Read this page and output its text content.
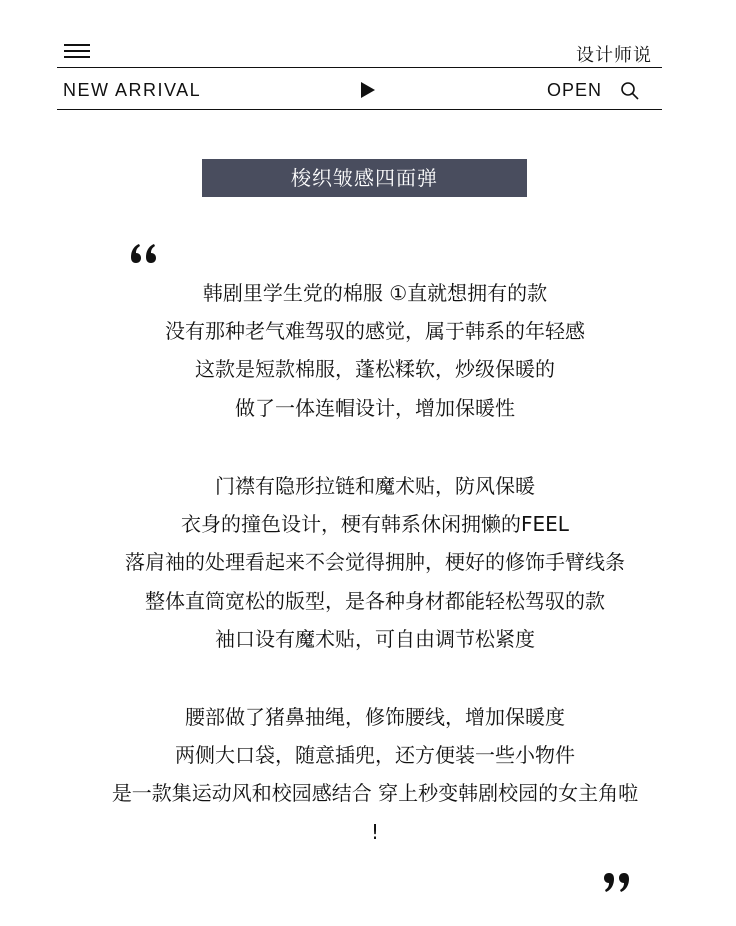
设计师说
NEW ARRIVAL	OPEN
梭织皱感四面弹
韩剧里学生党的棉服 ①直就想拥有的款
没有那种老气难驾驭的感觉，属于韩系的年轻感
这款是短款棉服，蓬松糅软，炒级保暖的
做了一体连帽设计，增加保暖性
门襟有隐形拉链和魔术贴，防风保暖
衣身的撞色设计，梗有韩系休闲拥懒的FEEL
落肩袖的处理看起来不会觉得拥肿，梗好的修饰手臂线条
整体直筒宽松的版型，是各种身材都能轻松驾驭的款
袖口设有魔术贴，可自由调节松紧度
腰部做了猪鼻抽绳，修饰腰线，增加保暖度
两侧大口袋，随意插兜，还方便装一些小物件
是一款集运动风和校园感结合 穿上秒变韩剧校园的女主角啦
!
